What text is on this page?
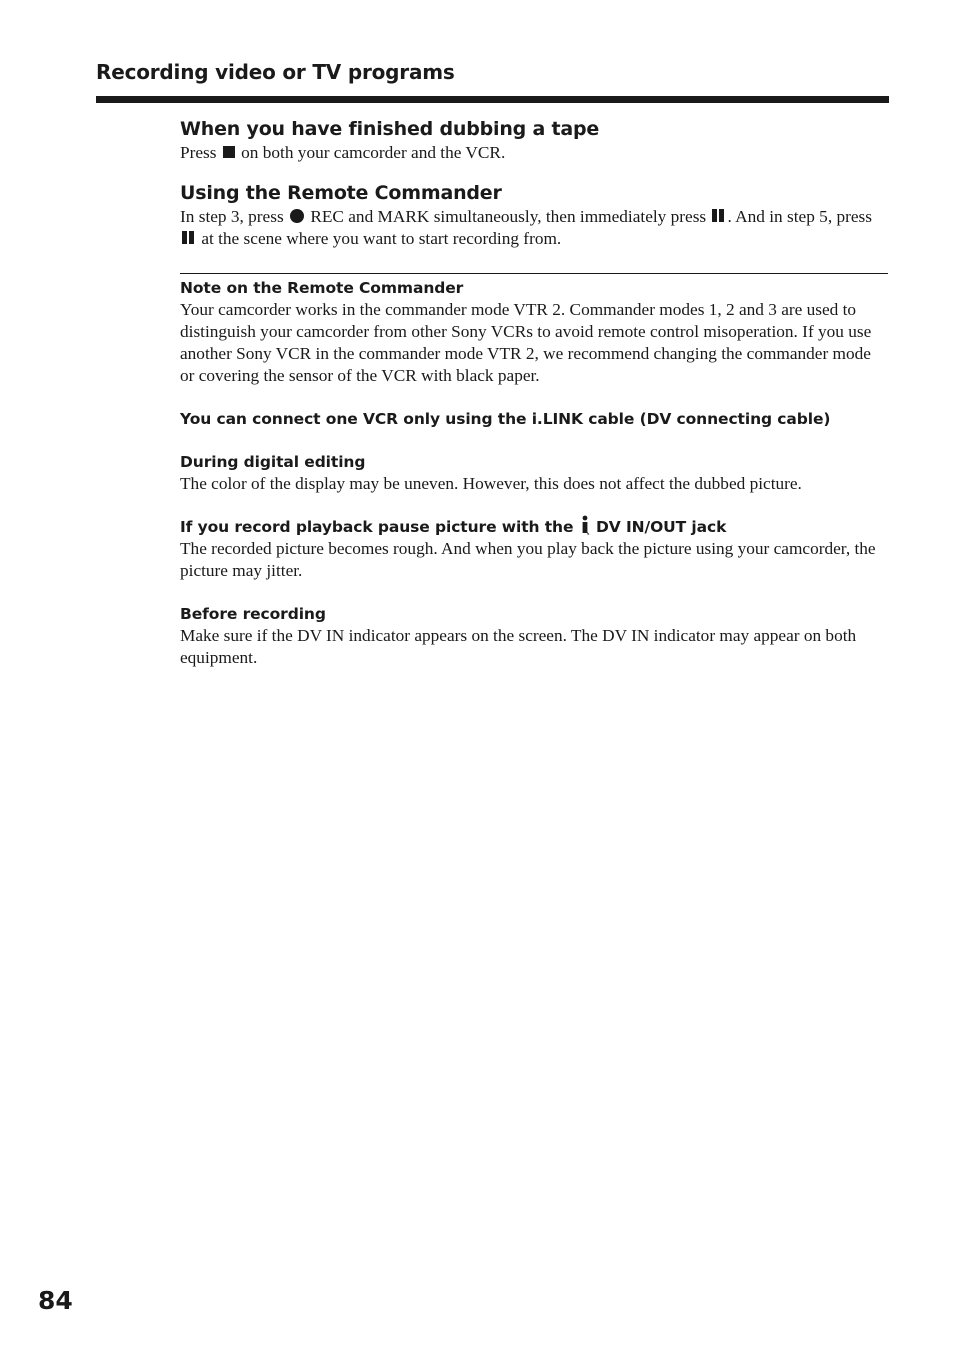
Recording video or TV programs
When you have finished dubbing a tape

Press on both your camcorder and the VCR.

Using the Remote Commander

In step 3, press REC and MARK simultaneously, then immediately press . And in step 5, press  at the scene where you want to start recording from.

Note on the Remote Commander

Your camcorder works in the commander mode VTR 2. Commander modes 1, 2 and 3 are used to distinguish your camcorder from other Sony VCRs to avoid remote control misoperation. If you use another Sony VCR in the commander mode VTR 2, we recommend changing the commander mode or covering the sensor of the VCR with black paper.

You can connect one VCR only using the i.LINK cable (DV connecting cable)
During digital editing

The color of the display may be uneven. However, this does not affect the dubbed picture.

If you record playback pause picture with the DV IN/OUT jack

The recorded picture becomes rough. And when you play back the picture using your camcorder, the picture may jitter.

Before recording

Make sure if the DV IN indicator appears on the screen. The DV IN indicator may appear on both equipment.

84
